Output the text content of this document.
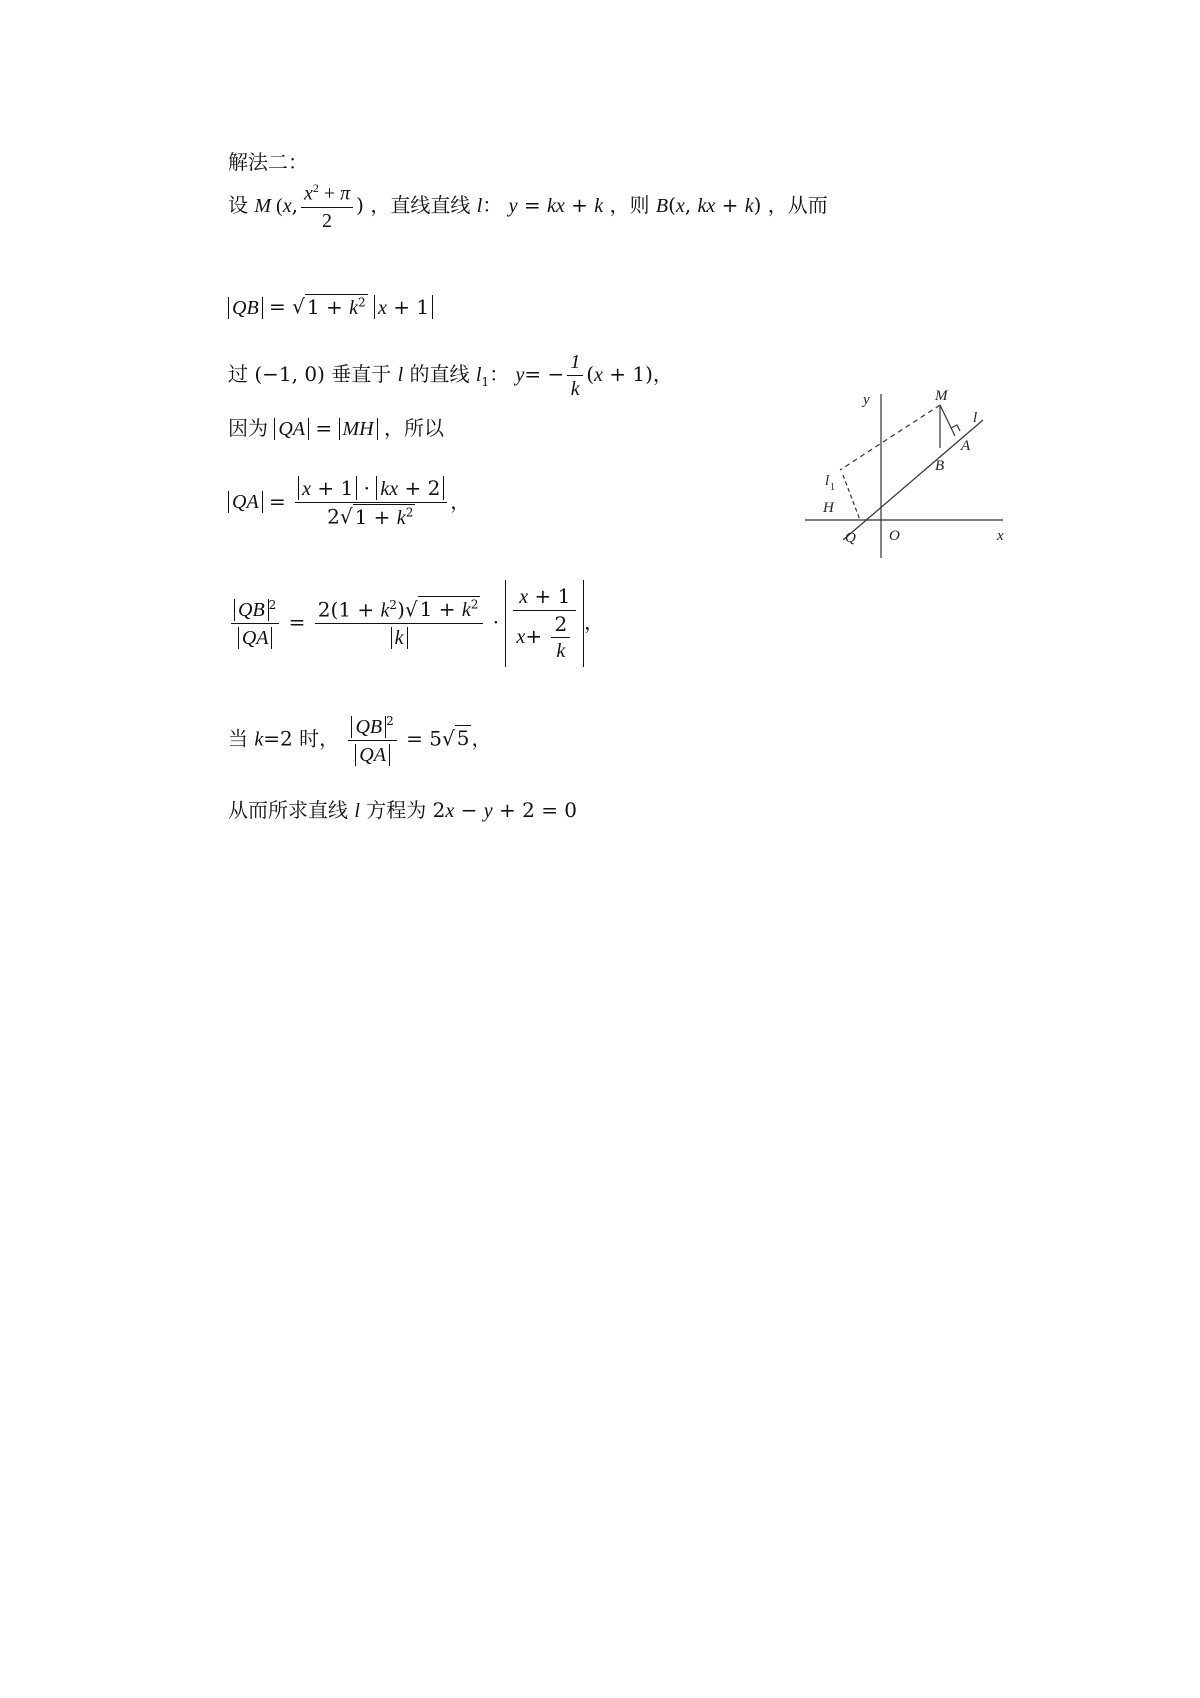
解法二：
设 M (x, $\frac{x^2 + \pi}{2}$ ) ，直线直线 l： y = kx + k ，则 B(x, kx + k) ，从而
QB = √ $1 + k^2$ x + 1
过 (−1, 0) 垂直于 l 的直线 $l_1$： $y= - \frac{1}{k} (x + 1)$，
因为 QA = MH ，所以
QA = $\frac{x + 1 \cdot kx + 2}{2√ 1 + k^2}$ ，
$\frac{QB ^2}{QA} = \frac{2(1 + k^2)√ 1 + k^2}{k} \cdot \frac{x + 1}{x+ \frac{2}{k}}$ ，
当 k=2 时， $\frac{QB ^2}{QA} = 5√$ 5 ，
从而所求直线 l 方程为 2x − y + 2 = 0
y
x
O
M
l
A
B
l 1
H
Q
